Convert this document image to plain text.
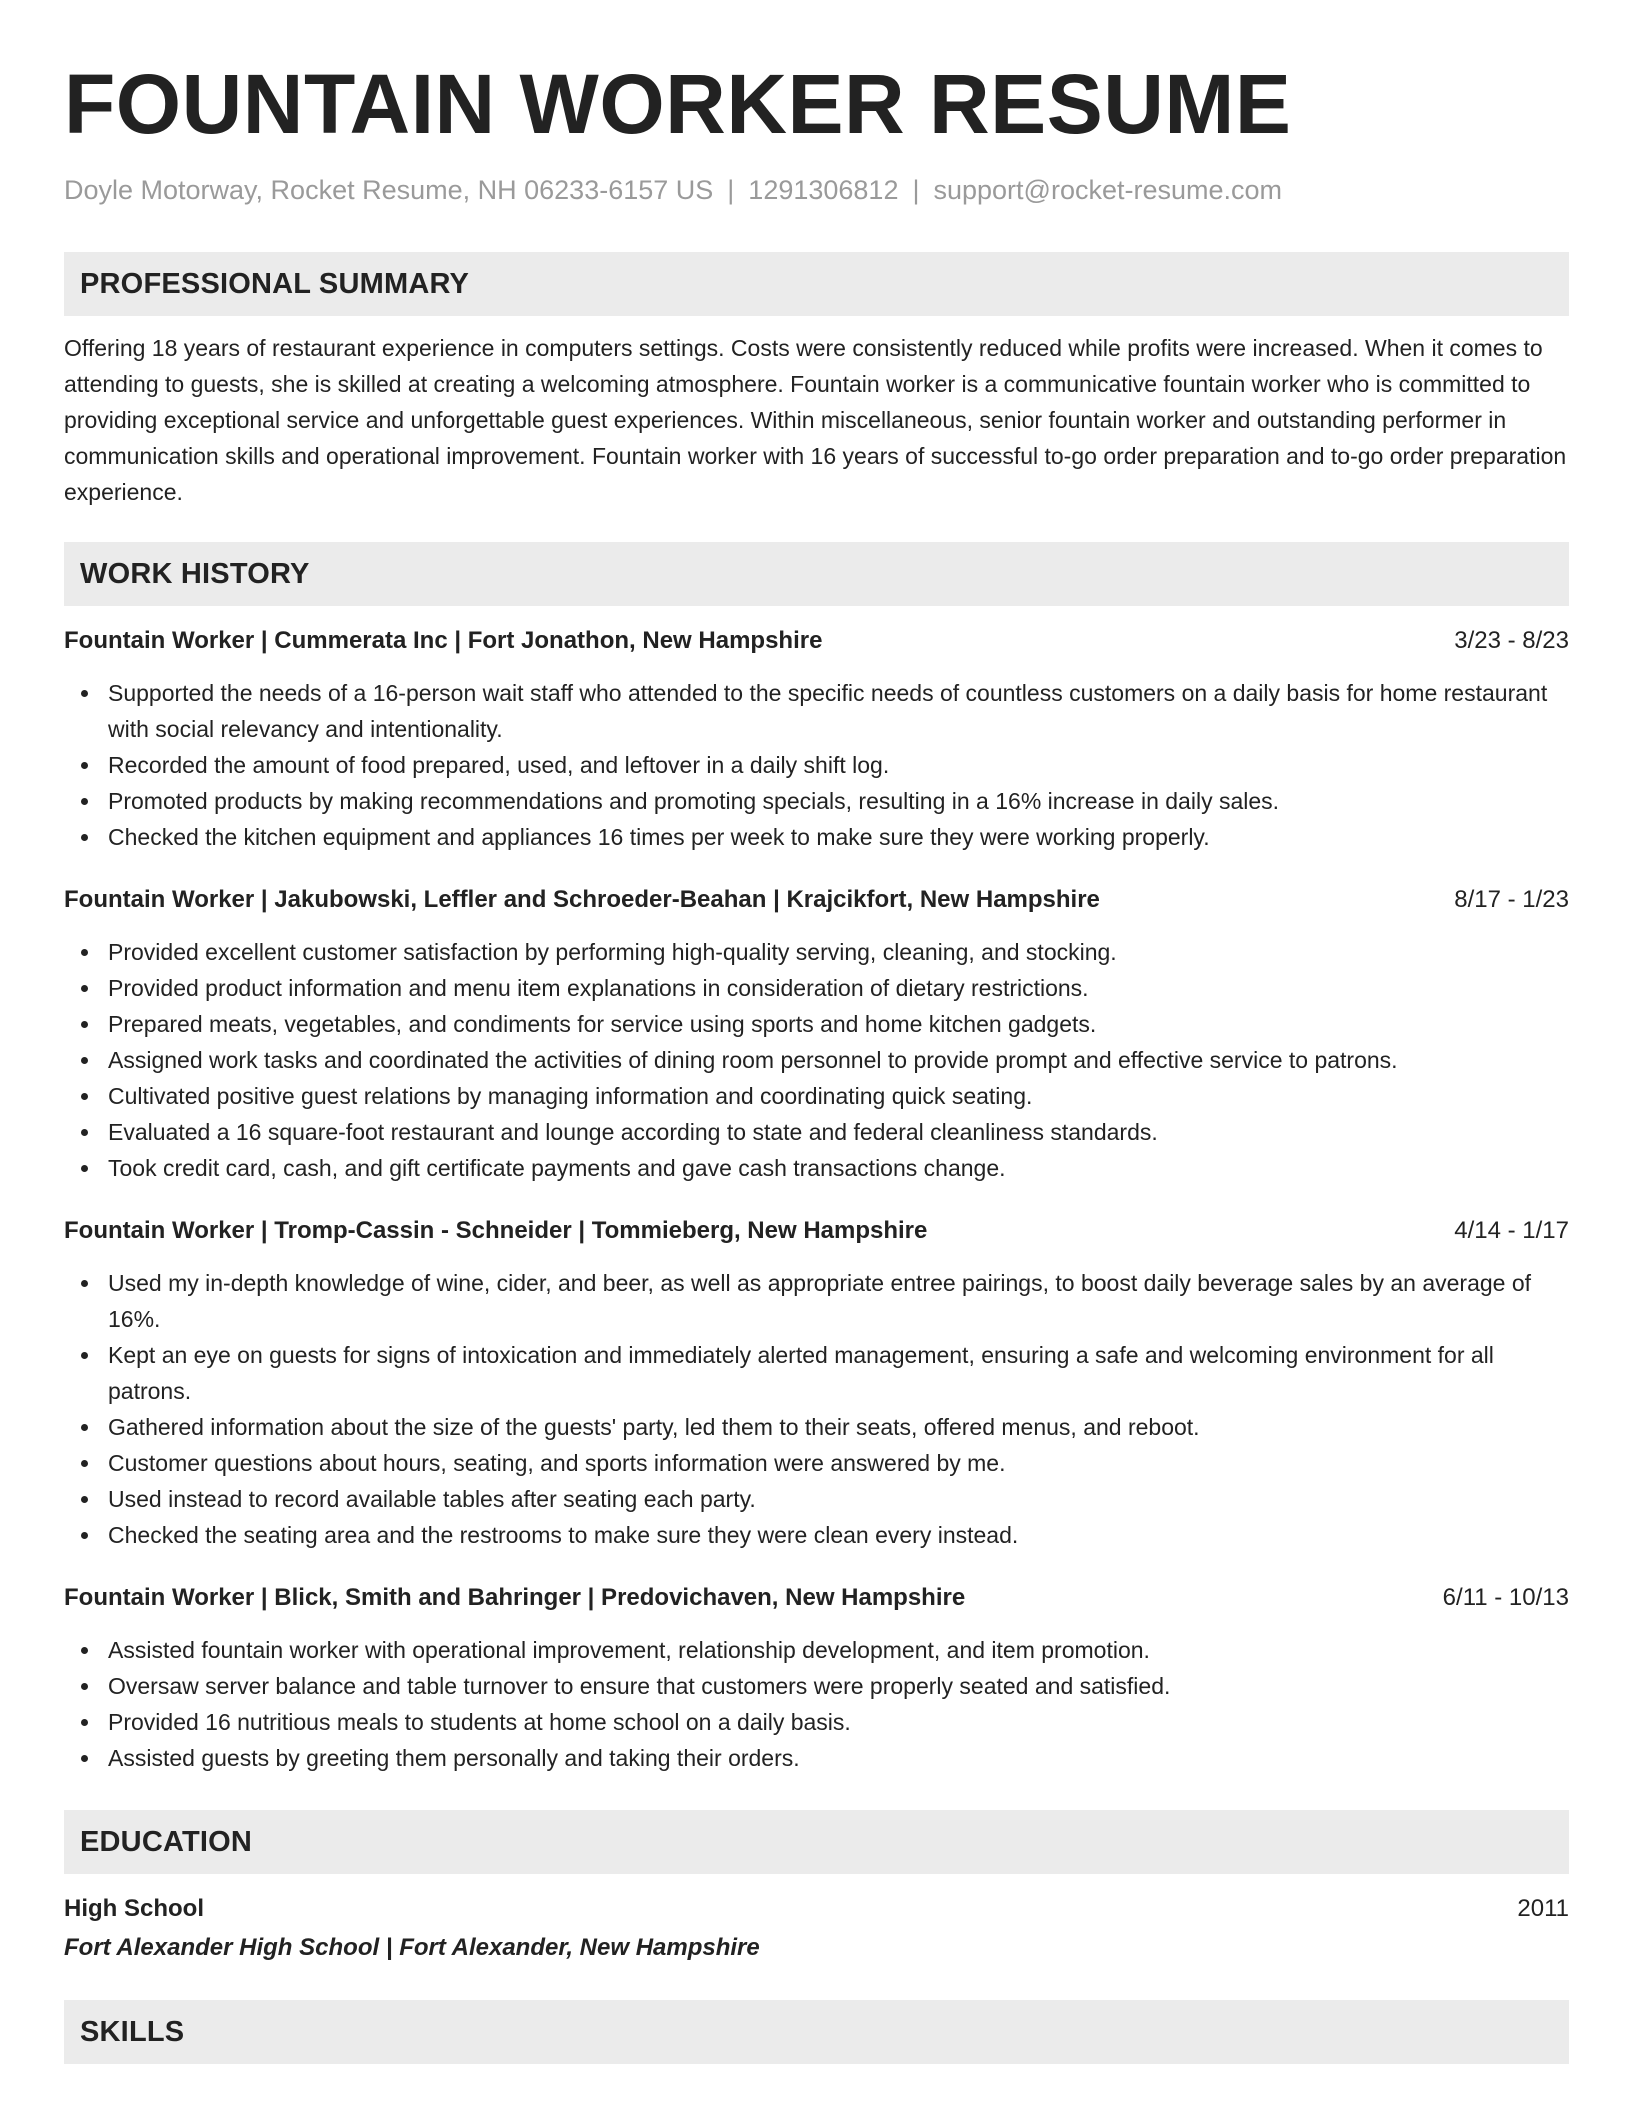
FOUNTAIN WORKER RESUME
Doyle Motorway, Rocket Resume, NH 06233-6157 US | 1291306812 | support@rocket-resume.com
PROFESSIONAL SUMMARY
Offering 18 years of restaurant experience in computers settings. Costs were consistently reduced while profits were increased. When it comes to attending to guests, she is skilled at creating a welcoming atmosphere. Fountain worker is a communicative fountain worker who is committed to providing exceptional service and unforgettable guest experiences. Within miscellaneous, senior fountain worker and outstanding performer in communication skills and operational improvement. Fountain worker with 16 years of successful to-go order preparation and to-go order preparation experience.
WORK HISTORY
Fountain Worker | Cummerata Inc | Fort Jonathon, New Hampshire	3/23 - 8/23
Supported the needs of a 16-person wait staff who attended to the specific needs of countless customers on a daily basis for home restaurant with social relevancy and intentionality.
Recorded the amount of food prepared, used, and leftover in a daily shift log.
Promoted products by making recommendations and promoting specials, resulting in a 16% increase in daily sales.
Checked the kitchen equipment and appliances 16 times per week to make sure they were working properly.
Fountain Worker | Jakubowski, Leffler and Schroeder-Beahan | Krajcikfort, New Hampshire	8/17 - 1/23
Provided excellent customer satisfaction by performing high-quality serving, cleaning, and stocking.
Provided product information and menu item explanations in consideration of dietary restrictions.
Prepared meats, vegetables, and condiments for service using sports and home kitchen gadgets.
Assigned work tasks and coordinated the activities of dining room personnel to provide prompt and effective service to patrons.
Cultivated positive guest relations by managing information and coordinating quick seating.
Evaluated a 16 square-foot restaurant and lounge according to state and federal cleanliness standards.
Took credit card, cash, and gift certificate payments and gave cash transactions change.
Fountain Worker | Tromp-Cassin - Schneider | Tommieberg, New Hampshire	4/14 - 1/17
Used my in-depth knowledge of wine, cider, and beer, as well as appropriate entree pairings, to boost daily beverage sales by an average of 16%.
Kept an eye on guests for signs of intoxication and immediately alerted management, ensuring a safe and welcoming environment for all patrons.
Gathered information about the size of the guests' party, led them to their seats, offered menus, and reboot.
Customer questions about hours, seating, and sports information were answered by me.
Used instead to record available tables after seating each party.
Checked the seating area and the restrooms to make sure they were clean every instead.
Fountain Worker | Blick, Smith and Bahringer | Predovichaven, New Hampshire	6/11 - 10/13
Assisted fountain worker with operational improvement, relationship development, and item promotion.
Oversaw server balance and table turnover to ensure that customers were properly seated and satisfied.
Provided 16 nutritious meals to students at home school on a daily basis.
Assisted guests by greeting them personally and taking their orders.
EDUCATION
High School	2011
Fort Alexander High School | Fort Alexander, New Hampshire
SKILLS
